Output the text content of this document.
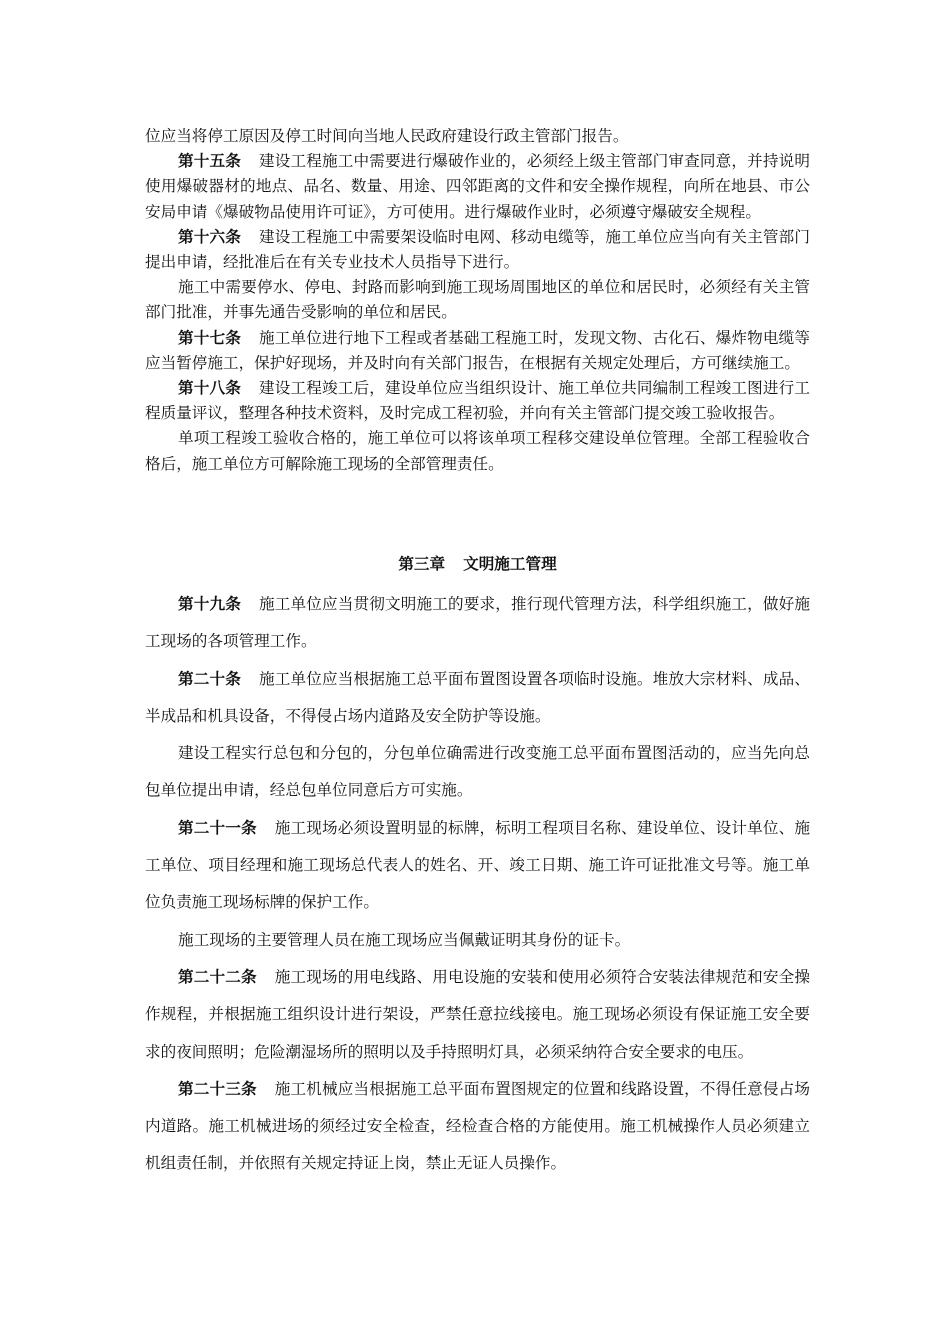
位应当将停工原因及停工时间向当地人民政府建设行政主管部门报告。

第十五条 建设工程施工中需要进行爆破作业的，必须经上级主管部门审查同意，并持说明使用爆破器材的地点、品名、数量、用途、四邻距离的文件和安全操作规程，向所在地县、市公安局申请《爆破物品使用许可证》，方可使用。进行爆破作业时，必须遵守爆破安全规程。

第十六条 建设工程施工中需要架设临时电网、移动电缆等，施工单位应当向有关主管部门提出申请，经批准后在有关专业技术人员指导下进行。

施工中需要停水、停电、封路而影响到施工现场周围地区的单位和居民时，必须经有关主管部门批准，并事先通告受影响的单位和居民。

第十七条 施工单位进行地下工程或者基础工程施工时，发现文物、古化石、爆炸物电缆等应当暂停施工，保护好现场，并及时向有关部门报告，在根据有关规定处理后，方可继续施工。

第十八条 建设工程竣工后，建设单位应当组织设计、施工单位共同编制工程竣工图进行工程质量评议，整理各种技术资料，及时完成工程初验，并向有关主管部门提交竣工验收报告。

单项工程竣工验收合格的，施工单位可以将该单项工程移交建设单位管理。全部工程验收合格后，施工单位方可解除施工现场的全部管理责任。

第三章 文明施工管理

第十九条 施工单位应当贯彻文明施工的要求，推行现代管理方法，科学组织施工，做好施工现场的各项管理工作。

第二十条 施工单位应当根据施工总平面布置图设置各项临时设施。堆放大宗材料、成品、半成品和机具设备，不得侵占场内道路及安全防护等设施。

建设工程实行总包和分包的，分包单位确需进行改变施工总平面布置图活动的，应当先向总包单位提出申请，经总包单位同意后方可实施。

第二十一条 施工现场必须设置明显的标牌，标明工程项目名称、建设单位、设计单位、施工单位、项目经理和施工现场总代表人的姓名、开、竣工日期、施工许可证批准文号等。施工单位负责施工现场标牌的保护工作。

施工现场的主要管理人员在施工现场应当佩戴证明其身份的证卡。

第二十二条 施工现场的用电线路、用电设施的安装和使用必须符合安装法律规范和安全操作规程，并根据施工组织设计进行架设，严禁任意拉线接电。施工现场必须设有保证施工安全要求的夜间照明；危险潮湿场所的照明以及手持照明灯具，必须采纳符合安全要求的电压。

第二十三条 施工机械应当根据施工总平面布置图规定的位置和线路设置，不得任意侵占场内道路。施工机械进场的须经过安全检查，经检查合格的方能使用。施工机械操作人员必须建立机组责任制，并依照有关规定持证上岗，禁止无证人员操作。
